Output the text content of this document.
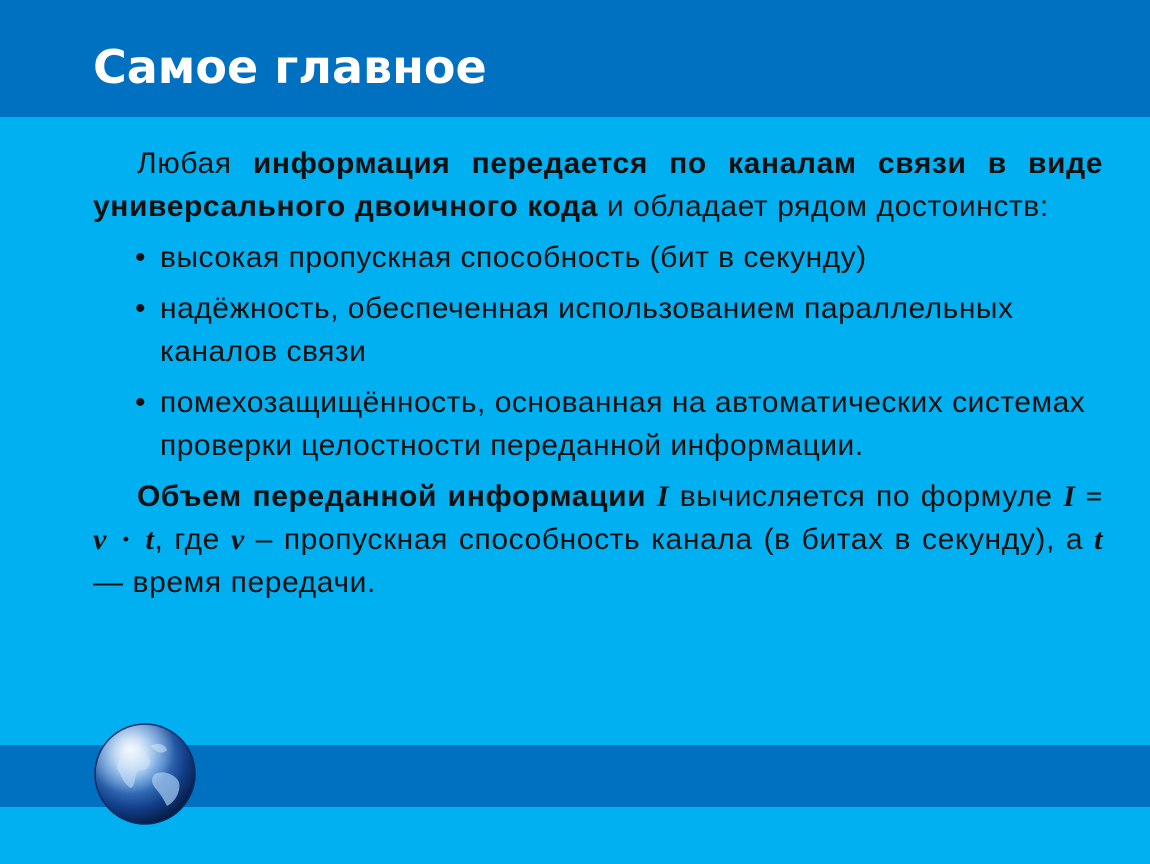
Самое главное

Любая информация передается по каналам связи в виде универсального двоичного кода и обладает рядом достоинств:

• высокая пропускная способность (бит в секунду)
• надёжность, обеспеченная использованием параллельных каналов связи
• помехозащищённость, основанная на автоматических системах проверки целостности переданной информации.

Объем переданной информации I вычисляется по формуле I = v · t, где v – пропускная способность канала (в битах в секунду), а t — время передачи.
